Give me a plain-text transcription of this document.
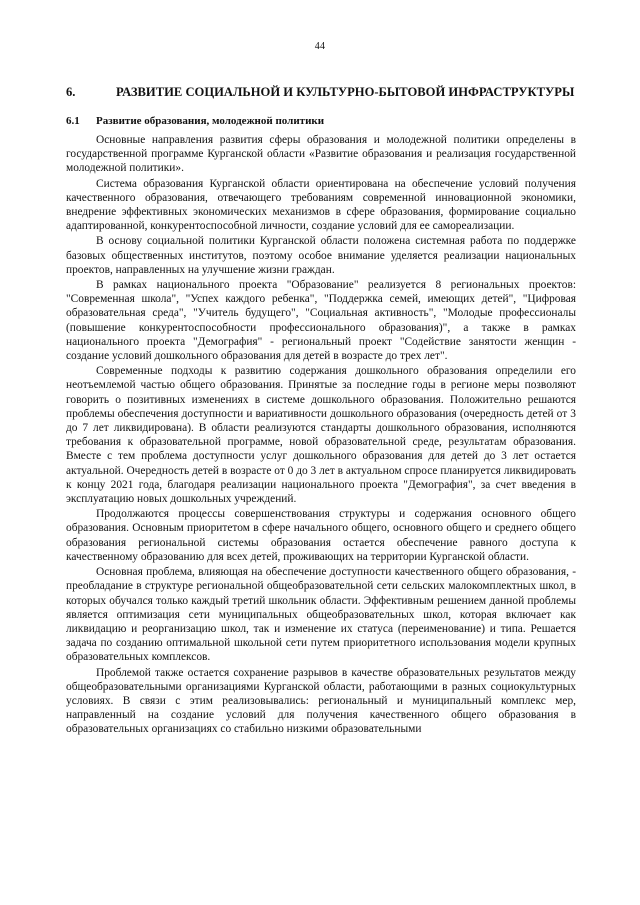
44
6.	РАЗВИТИЕ СОЦИАЛЬНОЙ И КУЛЬТУРНО-БЫТОВОЙ ИНФРАСТРУКТУРЫ
6.1 Развитие образования, молодежной политики

Основные направления развития сферы образования и молодежной политики определены в государственной программе Курганской области «Развитие образования и реализация государственной молодежной политики».

Система образования Курганской области ориентирована на обеспечение условий получения качественного образования, отвечающего требованиям современной инновационной экономики, внедрение эффективных экономических механизмов в сфере образования, формирование социально адаптированной, конкурентоспособной личности, создание условий для ее самореализации.

В основу социальной политики Курганской области положена системная работа по поддержке базовых общественных институтов, поэтому особое внимание уделяется реализации национальных проектов, направленных на улучшение жизни граждан.

В рамках национального проекта "Образование" реализуется 8 региональных проектов: "Современная школа", "Успех каждого ребенка", "Поддержка семей, имеющих детей", "Цифровая образовательная среда", "Учитель будущего", "Социальная активность", "Молодые профессионалы (повышение конкурентоспособности профессионального образования)", а также в рамках национального проекта "Демография" - региональный проект "Содействие занятости женщин - создание условий дошкольного образования для детей в возрасте до трех лет".

Современные подходы к развитию содержания дошкольного образования определили его неотъемлемой частью общего образования. Принятые за последние годы в регионе меры позволяют говорить о позитивных изменениях в системе дошкольного образования. Положительно решаются проблемы обеспечения доступности и вариативности дошкольного образования (очередность детей от 3 до 7 лет ликвидирована). В области реализуются стандарты дошкольного образования, исполняются требования к образовательной программе, новой образовательной среде, результатам образования. Вместе с тем проблема доступности услуг дошкольного образования для детей до 3 лет остается актуальной. Очередность детей в возрасте от 0 до 3 лет в актуальном спросе планируется ликвидировать к концу 2021 года, благодаря реализации национального проекта "Демография", за счет введения в эксплуатацию новых дошкольных учреждений.

Продолжаются процессы совершенствования структуры и содержания основного общего образования. Основным приоритетом в сфере начального общего, основного общего и среднего общего образования региональной системы образования остается обеспечение равного доступа к качественному образованию для всех детей, проживающих на территории Курганской области.

Основная проблема, влияющая на обеспечение доступности качественного общего образования, - преобладание в структуре региональной общеобразовательной сети сельских малокомплектных школ, в которых обучался только каждый третий школьник области. Эффективным решением данной проблемы является оптимизация сети муниципальных общеобразовательных школ, которая включает как ликвидацию и реорганизацию школ, так и изменение их статуса (переименование) и типа. Решается задача по созданию оптимальной школьной сети путем приоритетного использования модели крупных образовательных комплексов.

Проблемой также остается сохранение разрывов в качестве образовательных результатов между общеобразовательными организациями Курганской области, работающими в разных социокультурных условиях. В связи с этим реализовывались: региональный и муниципальный комплекс мер, направленный на создание условий для получения качественного общего образования в образовательных организациях со стабильно низкими образовательными
